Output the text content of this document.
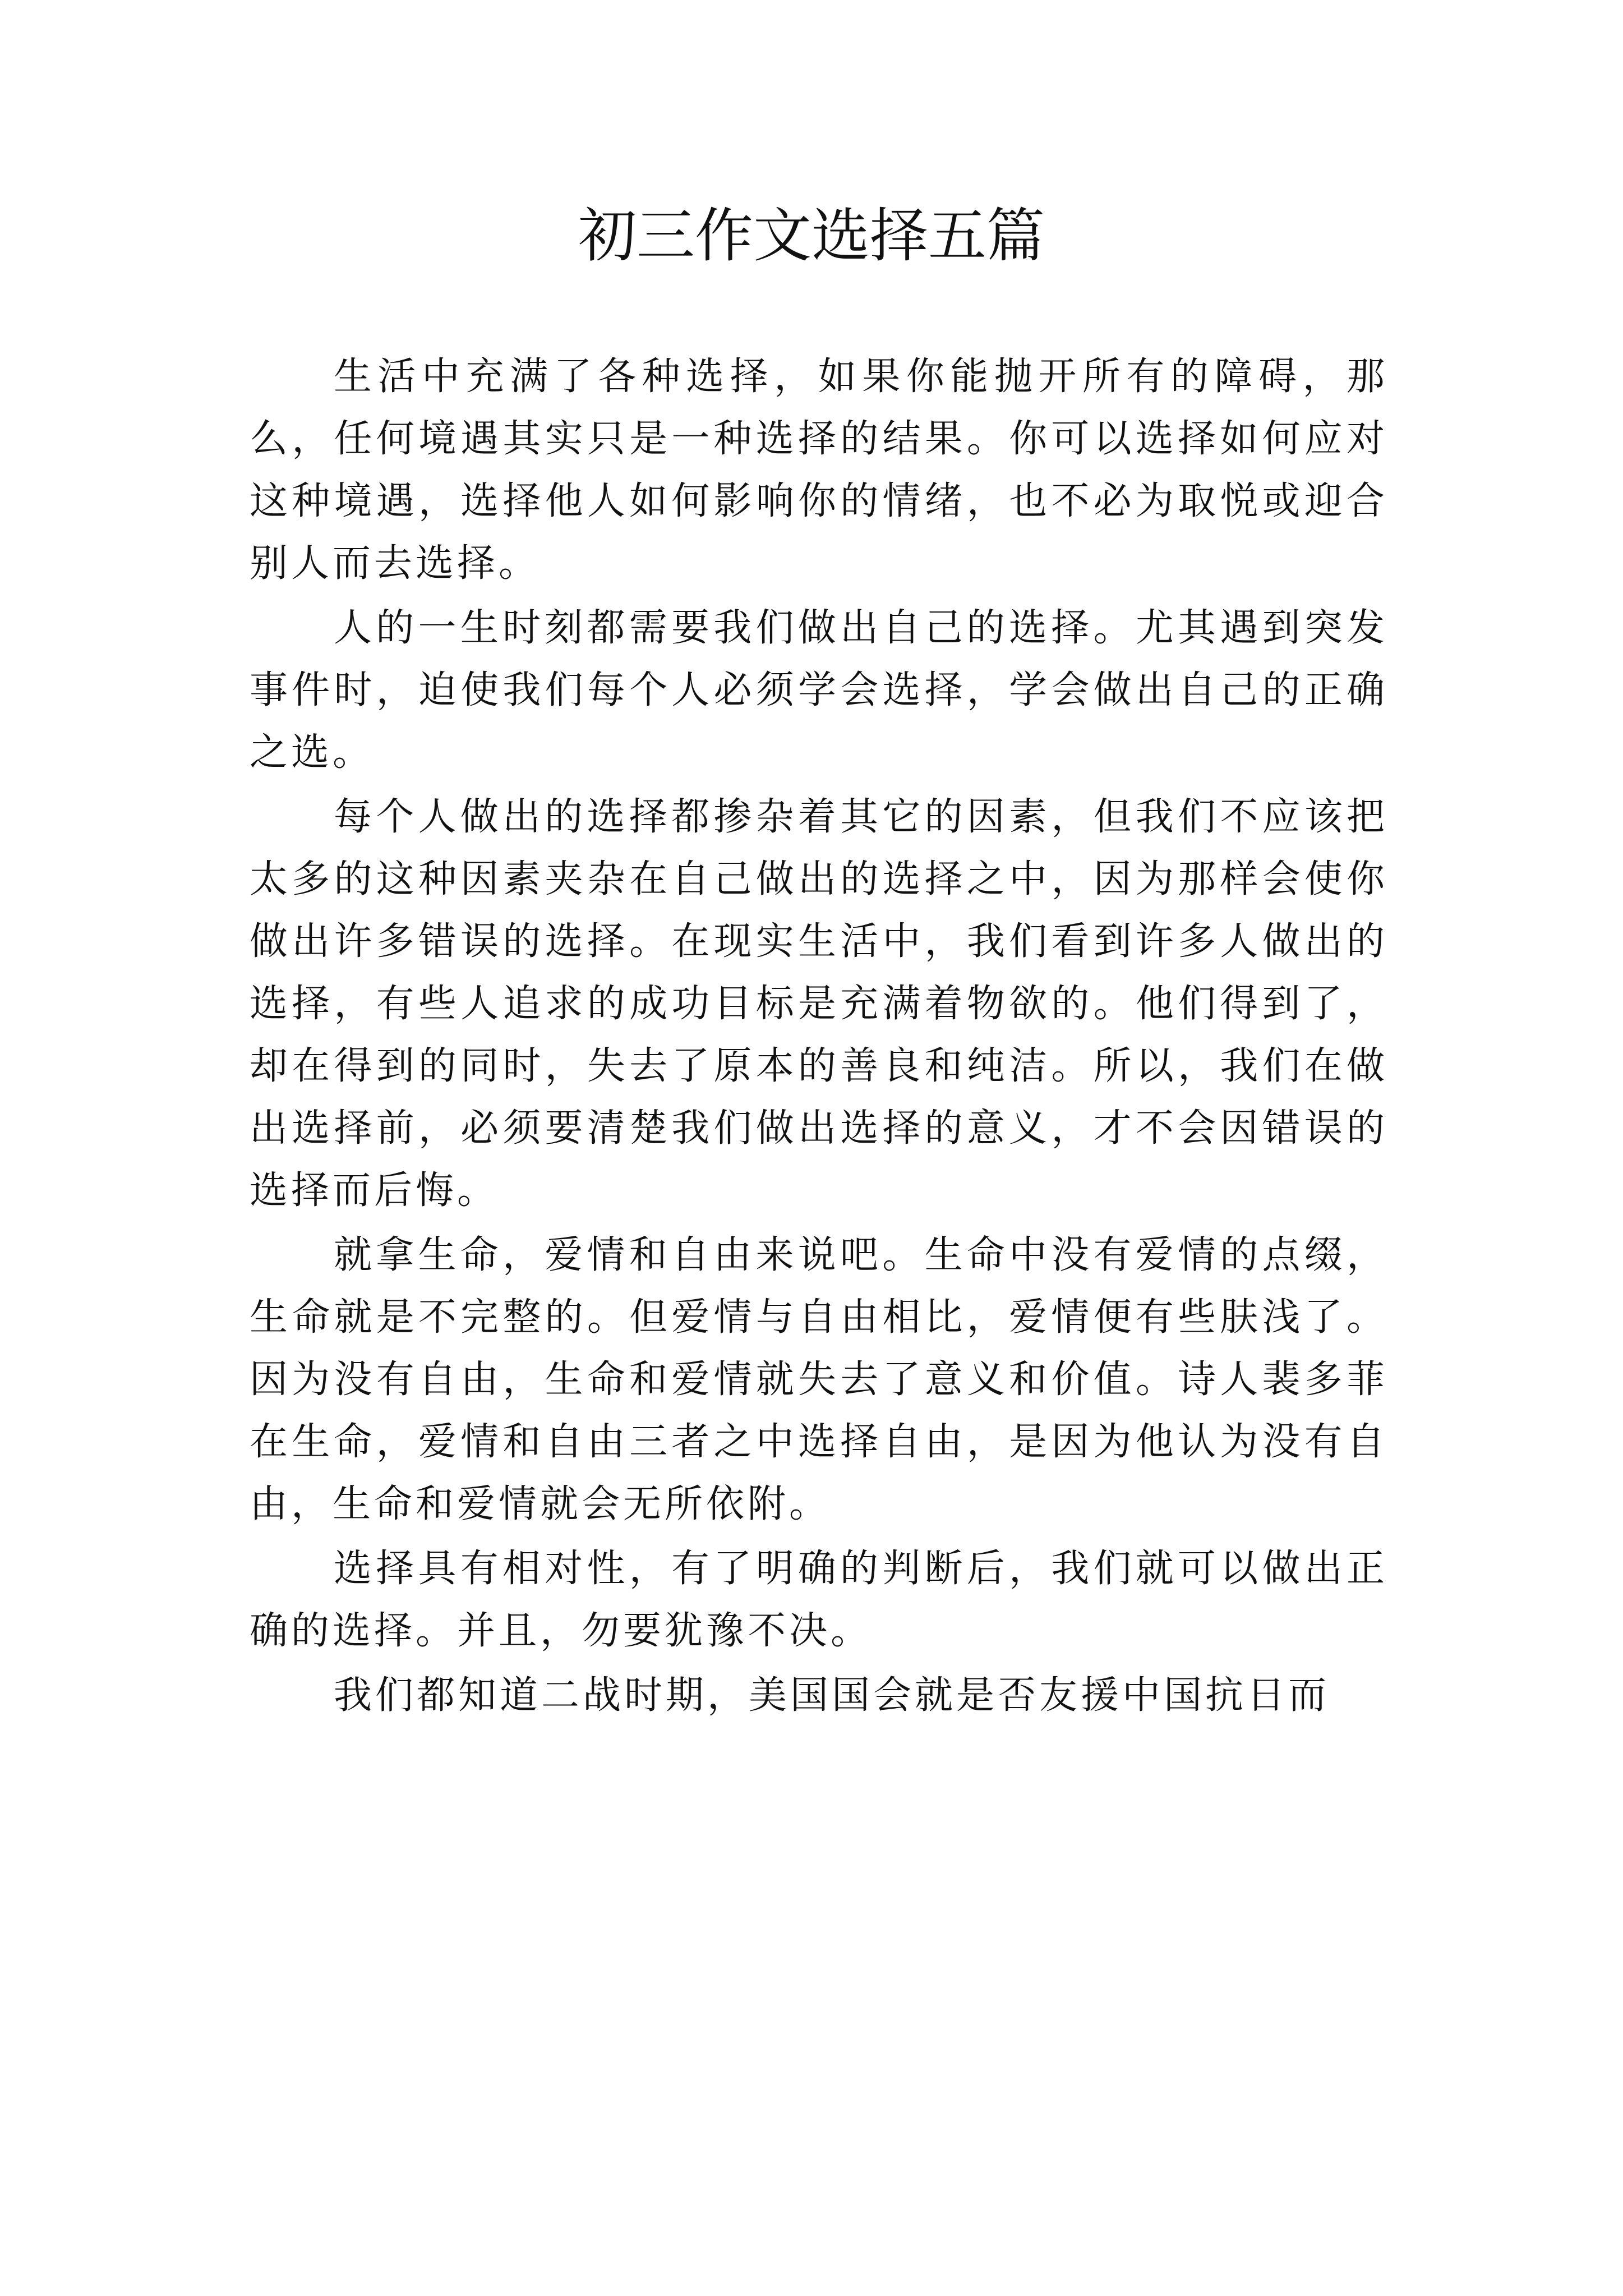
初三作文选择五篇

生活中充满了各种选择，如果你能抛开所有的障碍，那么，任何境遇其实只是一种选择的结果。你可以选择如何应对这种境遇，选择他人如何影响你的情绪，也不必为取悦或迎合别人而去选择。

人的一生时刻都需要我们做出自己的选择。尤其遇到突发事件时，迫使我们每个人必须学会选择，学会做出自己的正确之选。

每个人做出的选择都掺杂着其它的因素，但我们不应该把太多的这种因素夹杂在自己做出的选择之中，因为那样会使你做出许多错误的选择。在现实生活中，我们看到许多人做出的选择，有些人追求的成功目标是充满着物欲的。他们得到了，却在得到的同时，失去了原本的善良和纯洁。所以，我们在做出选择前，必须要清楚我们做出选择的意义，才不会因错误的选择而后悔。

就拿生命，爱情和自由来说吧。生命中没有爱情的点缀，生命就是不完整的。但爱情与自由相比，爱情便有些肤浅了。因为没有自由，生命和爱情就失去了意义和价值。诗人裴多菲在生命，爱情和自由三者之中选择自由，是因为他认为没有自由，生命和爱情就会无所依附。

选择具有相对性，有了明确的判断后，我们就可以做出正确的选择。并且，勿要犹豫不决。

我们都知道二战时期，美国国会就是否友援中国抗日而
